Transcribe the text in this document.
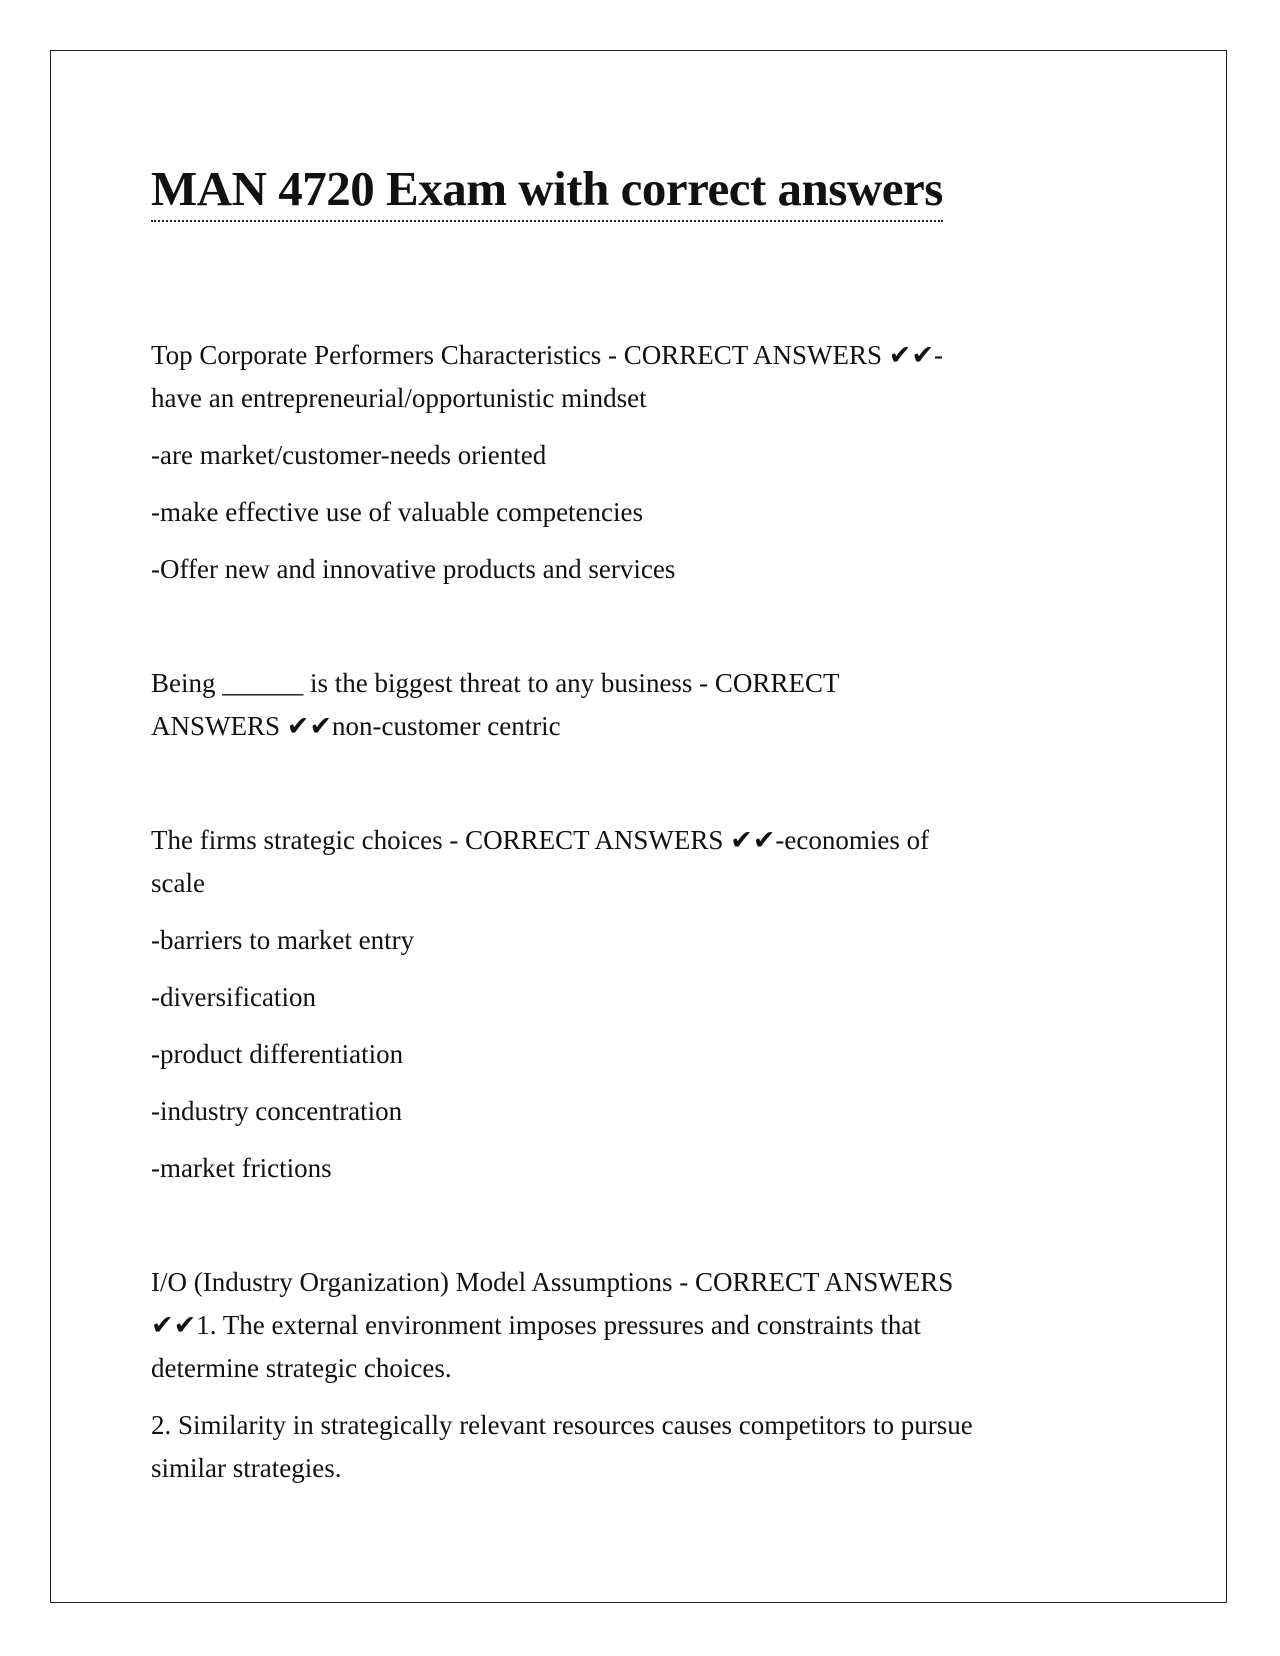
MAN 4720 Exam with correct answers
Top Corporate Performers Characteristics - CORRECT ANSWERS ✔✔-
have an entrepreneurial/opportunistic mindset
-are market/customer-needs oriented
-make effective use of valuable competencies
-Offer new and innovative products and services
Being ______ is the biggest threat to any business - CORRECT
ANSWERS ✔✔non-customer centric
The firms strategic choices - CORRECT ANSWERS ✔✔-economies of
scale
-barriers to market entry
-diversification
-product differentiation
-industry concentration
-market frictions
I/O (Industry Organization) Model Assumptions - CORRECT ANSWERS
✔✔1. The external environment imposes pressures and constraints that
determine strategic choices.
2. Similarity in strategically relevant resources causes competitors to pursue
similar strategies.
